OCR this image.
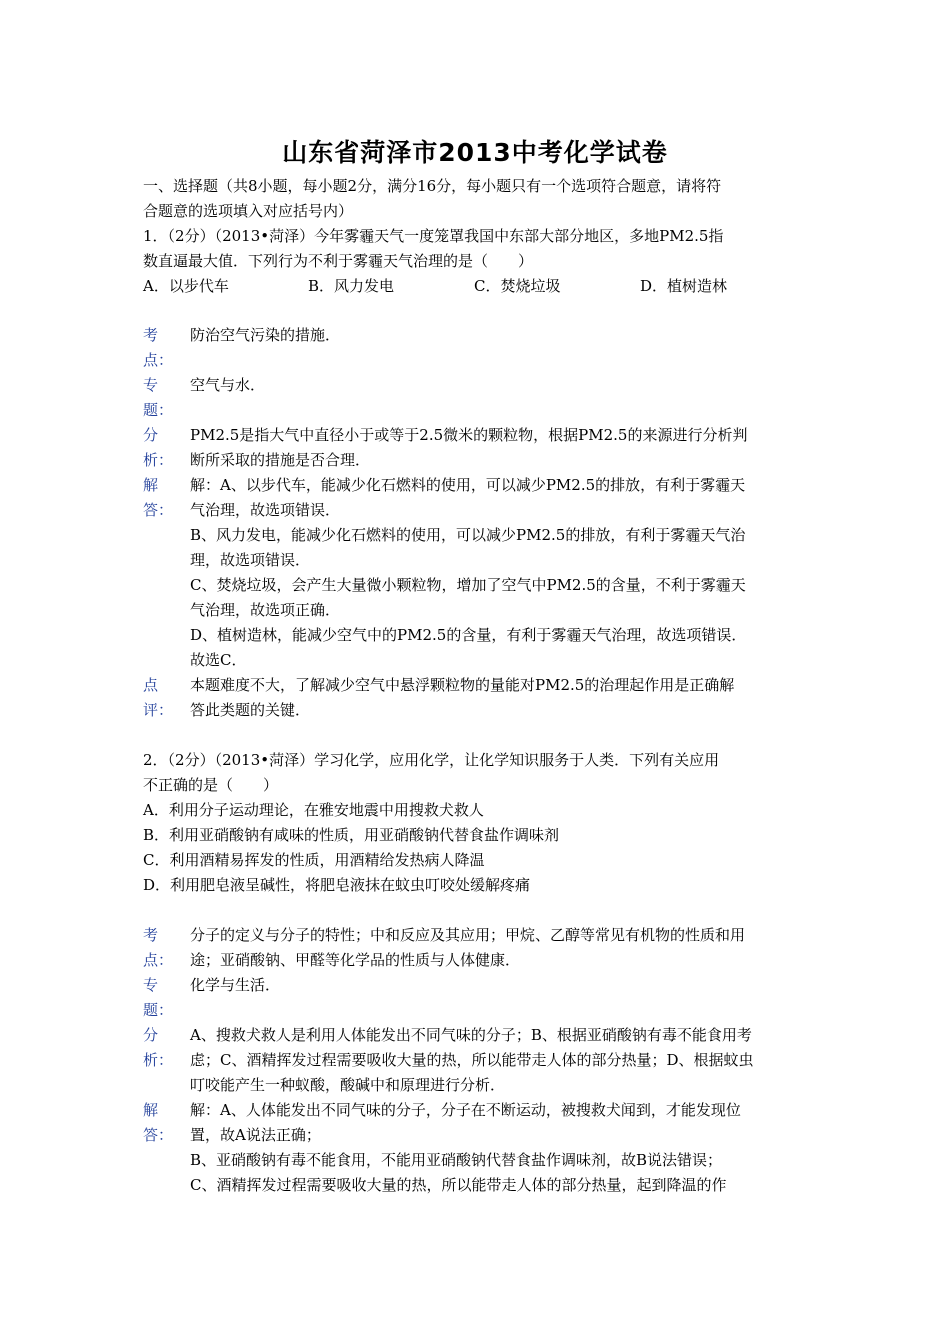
山东省菏泽市2013中考化学试卷
一、选择题（共8小题，每小题2分，满分16分，每小题只有一个选项符合题意，请将符
合题意的选项填入对应括号内）
1．（2分）（2013•菏泽）今年雾霾天气一度笼罩我国中东部大部分地区，多地PM2.5指
数直逼最大值．下列行为不利于雾霾天气治理的是（　　）
A．以步代车	B．风力发电	C．焚烧垃圾	D．植树造林
考
点：

防治空气污染的措施．

专
题：

空气与水．

分
析：

PM2.5是指大气中直径小于或等于2.5微米的颗粒物，根据PM2.5的来源进行分析判

断所采取的措施是否合理．

解
答：

解：A、以步代车，能减少化石燃料的使用，可以减少PM2.5的排放，有利于雾霾天

气治理，故选项错误．

B、风力发电，能减少化石燃料的使用，可以减少PM2.5的排放，有利于雾霾天气治

理，故选项错误．

C、焚烧垃圾，会产生大量微小颗粒物，增加了空气中PM2.5的含量，不利于雾霾天

气治理，故选项正确．

D、植树造林，能减少空气中的PM2.5的含量，有利于雾霾天气治理，故选项错误．

故选C．

点
评：

本题难度不大，了解减少空气中悬浮颗粒物的量能对PM2.5的治理起作用是正确解

答此类题的关键．

2．（2分）（2013•菏泽）学习化学，应用化学，让化学知识服务于人类．下列有关应用
不正确的是（　　）
A．利用分子运动理论，在雅安地震中用搜救犬救人
B．利用亚硝酸钠有咸味的性质，用亚硝酸钠代替食盐作调味剂
C．利用酒精易挥发的性质，用酒精给发热病人降温
D．利用肥皂液呈碱性，将肥皂液抹在蚊虫叮咬处缓解疼痛
考
点：

分子的定义与分子的特性；中和反应及其应用；甲烷、乙醇等常见有机物的性质和用

途；亚硝酸钠、甲醛等化学品的性质与人体健康．

专
题：

化学与生活．

分
析：

A、搜救犬救人是利用人体能发出不同气味的分子；B、根据亚硝酸钠有毒不能食用考

虑；C、酒精挥发过程需要吸收大量的热，所以能带走人体的部分热量；D、根据蚊虫

叮咬能产生一种蚁酸，酸碱中和原理进行分析．

解
答：

解：A、人体能发出不同气味的分子，分子在不断运动，被搜救犬闻到，才能发现位

置，故A说法正确；

B、亚硝酸钠有毒不能食用，不能用亚硝酸钠代替食盐作调味剂，故B说法错误；

C、酒精挥发过程需要吸收大量的热，所以能带走人体的部分热量，起到降温的作
